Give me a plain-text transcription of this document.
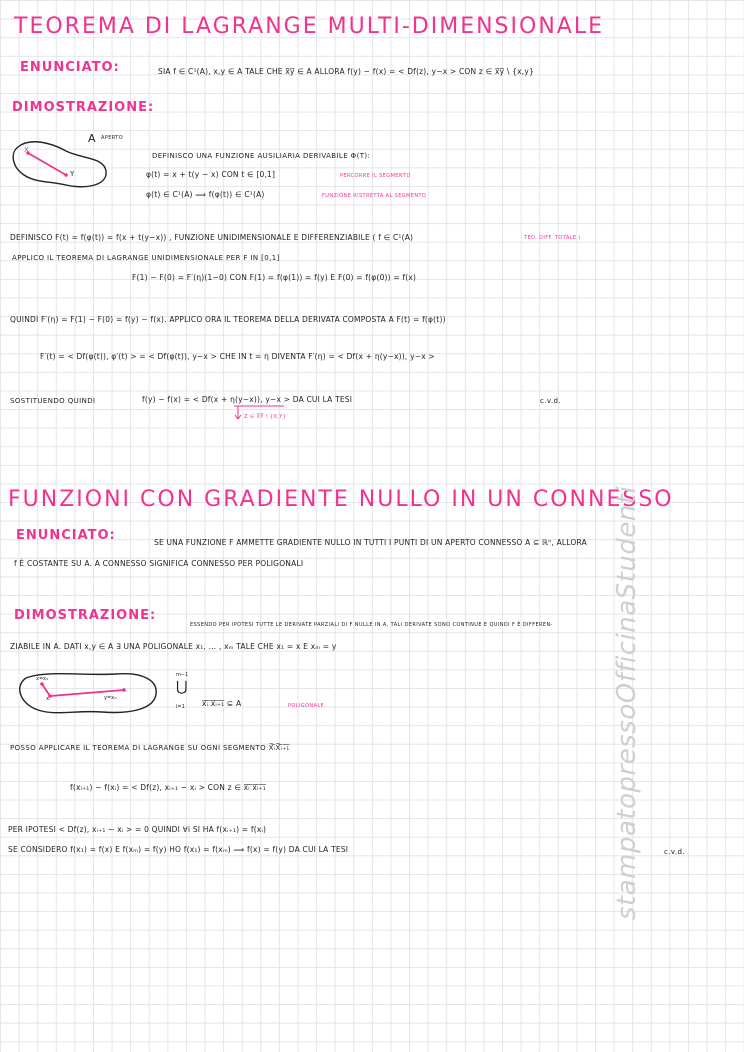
TEOREMA DI LAGRANGE MULTI-DIMENSIONALE
ENUNCIATO:	SIA f ∈ C¹(A), x,y ∈ A TALE CHE x̅y̅ ∈ A ALLORA f(y) − f(x) = < Df(z), y−x > CON z ∈ x̅y̅ \ {x,y}
DIMOSTRAZIONE:
X
Y
A APERTO
DEFINISCO UNA FUNZIONE AUSILIARIA DERIVABILE Φ(T):
φ(t) = x + t(y − x) CON t ∈ [0,1]	PERCORRE IL SEGMENTO
φ(t) ∈ C¹(A) ⟹ f(φ(t)) ∈ C¹(A)	FUNZIONE RISTRETTA AL SEGMENTO
DEFINISCO F(t) = f(φ(t)) = f(x + t(y−x)) , FUNZIONE UNIDIMENSIONALE E DIFFERENZIABILE ( f ∈ C¹(A)	TEO. DIFF. TOTALE )
APPLICO IL TEOREMA DI LAGRANGE UNIDIMENSIONALE PER F IN [0,1]
F(1) − F(0) = F′(η)(1−0) CON F(1) = f(φ(1)) = f(y) E F(0) = f(φ(0)) = f(x)
QUINDI F′(η) = F(1) − F(0) = f(y) − f(x). APPLICO ORA IL TEOREMA DELLA DERIVATA COMPOSTA A F(t) = f(φ(t))
F′(t) = < Df(φ(t)), φ′(t) > = < Df(φ(t)), y−x > CHE IN t = η DIVENTA F′(η) = < Df(x + η(y−x)), y−x >
SOSTITUENDO QUINDI	f(y) − f(x) = < Df(x + η(y−x)), y−x > DA CUI LA TESI
Z ∈ X̅Y̅ \ {X,Y}
c.v.d.
FUNZIONI CON GRADIENTE NULLO IN UN CONNESSO
ENUNCIATO:	SE UNA FUNZIONE F AMMETTE GRADIENTE NULLO IN TUTTI I PUNTI DI UN APERTO CONNESSO A ⊆ ℝⁿ, ALLORA
f È COSTANTE SU A. A CONNESSO SIGNIFICA CONNESSO PER POLIGONALI
DIMOSTRAZIONE:
ESSENDO PER IPOTESI TUTTE LE DERIVATE PARZIALI DI F NULLE IN A, TALI DERIVATE SONO CONTINUE E QUINDI F È DIFFEREN-
ZIABILE IN A. DATI x,y ∈ A ∃ UNA POLIGONALE x₁, … , xₘ TALE CHE x₁ = x E xₘ = y
x=x₁
xᵢ	y=xₘ
m−1
⋃
i=1 x̅ᵢ̅ ̅x̅ᵢ̅₊̅₁̅ ⊆ A	POLIGONALE
POSSO APPLICARE IL TEOREMA DI LAGRANGE SU OGNI SEGMENTO X̅ᵢ̅X̅ᵢ̅₊̅₁̅
f(xᵢ₊₁) − f(xᵢ) = < Df(z), xᵢ₊₁ − xᵢ > CON z ∈ x̅ᵢ̅ ̅x̅ᵢ̅₊̅₁̅
PER IPOTESI < Df(z), xᵢ₊₁ − xᵢ > = 0 QUINDI ∀i SI HA f(xᵢ₊₁) = f(xᵢ)
SE CONSIDERO f(x₁) = f(x) E f(xₘ) = f(y) HO f(x₁) = f(xₘ) ⟹ f(x) = f(y) DA CUI LA TESI	c.v.d.
stampatopressoOfficinaStudenti
